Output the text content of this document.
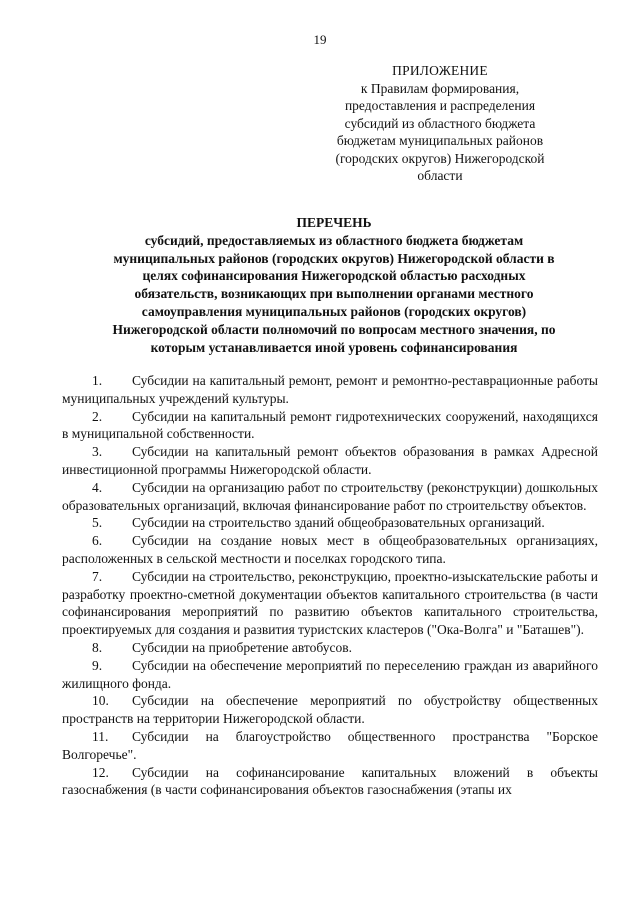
19
ПРИЛОЖЕНИЕ
к Правилам формирования,
предоставления и распределения
субсидий из областного бюджета
бюджетам муниципальных районов
(городских округов) Нижегородской
области
ПЕРЕЧЕНЬ
субсидий, предоставляемых из областного бюджета бюджетам
муниципальных районов (городских округов) Нижегородской области в
целях софинансирования Нижегородской областью расходных
обязательств, возникающих при выполнении органами местного
самоуправления муниципальных районов (городских округов)
Нижегородской области полномочий по вопросам местного значения, по
которым устанавливается иной уровень софинансирования

1. Субсидии на капитальный ремонт, ремонт и ремонтно-реставрационные работы муниципальных учреждений культуры.

2. Субсидии на капитальный ремонт гидротехнических сооружений, находящихся в муниципальной собственности.

3. Субсидии на капитальный ремонт объектов образования в рамках Адресной инвестиционной программы Нижегородской области.

4. Субсидии на организацию работ по строительству (реконструкции) дошкольных образовательных организаций, включая финансирование работ по строительству объектов.

5. Субсидии на строительство зданий общеобразовательных организаций.

6. Субсидии на создание новых мест в общеобразовательных организациях, расположенных в сельской местности и поселках городского типа.

7. Субсидии на строительство, реконструкцию, проектно-изыскательские работы и разработку проектно-сметной документации объектов капитального строительства (в части софинансирования мероприятий по развитию объектов капитального строительства, проектируемых для создания и развития туристских кластеров ("Ока-Волга" и "Баташев").

8. Субсидии на приобретение автобусов.

9. Субсидии на обеспечение мероприятий по переселению граждан из аварийного жилищного фонда.

10. Субсидии на обеспечение мероприятий по обустройству общественных пространств на территории Нижегородской области.

11. Субсидии на благоустройство общественного пространства "Борское Волгоречье".

12. Субсидии на софинансирование капитальных вложений в объекты газоснабжения (в части софинансирования объектов газоснабжения (этапы их
